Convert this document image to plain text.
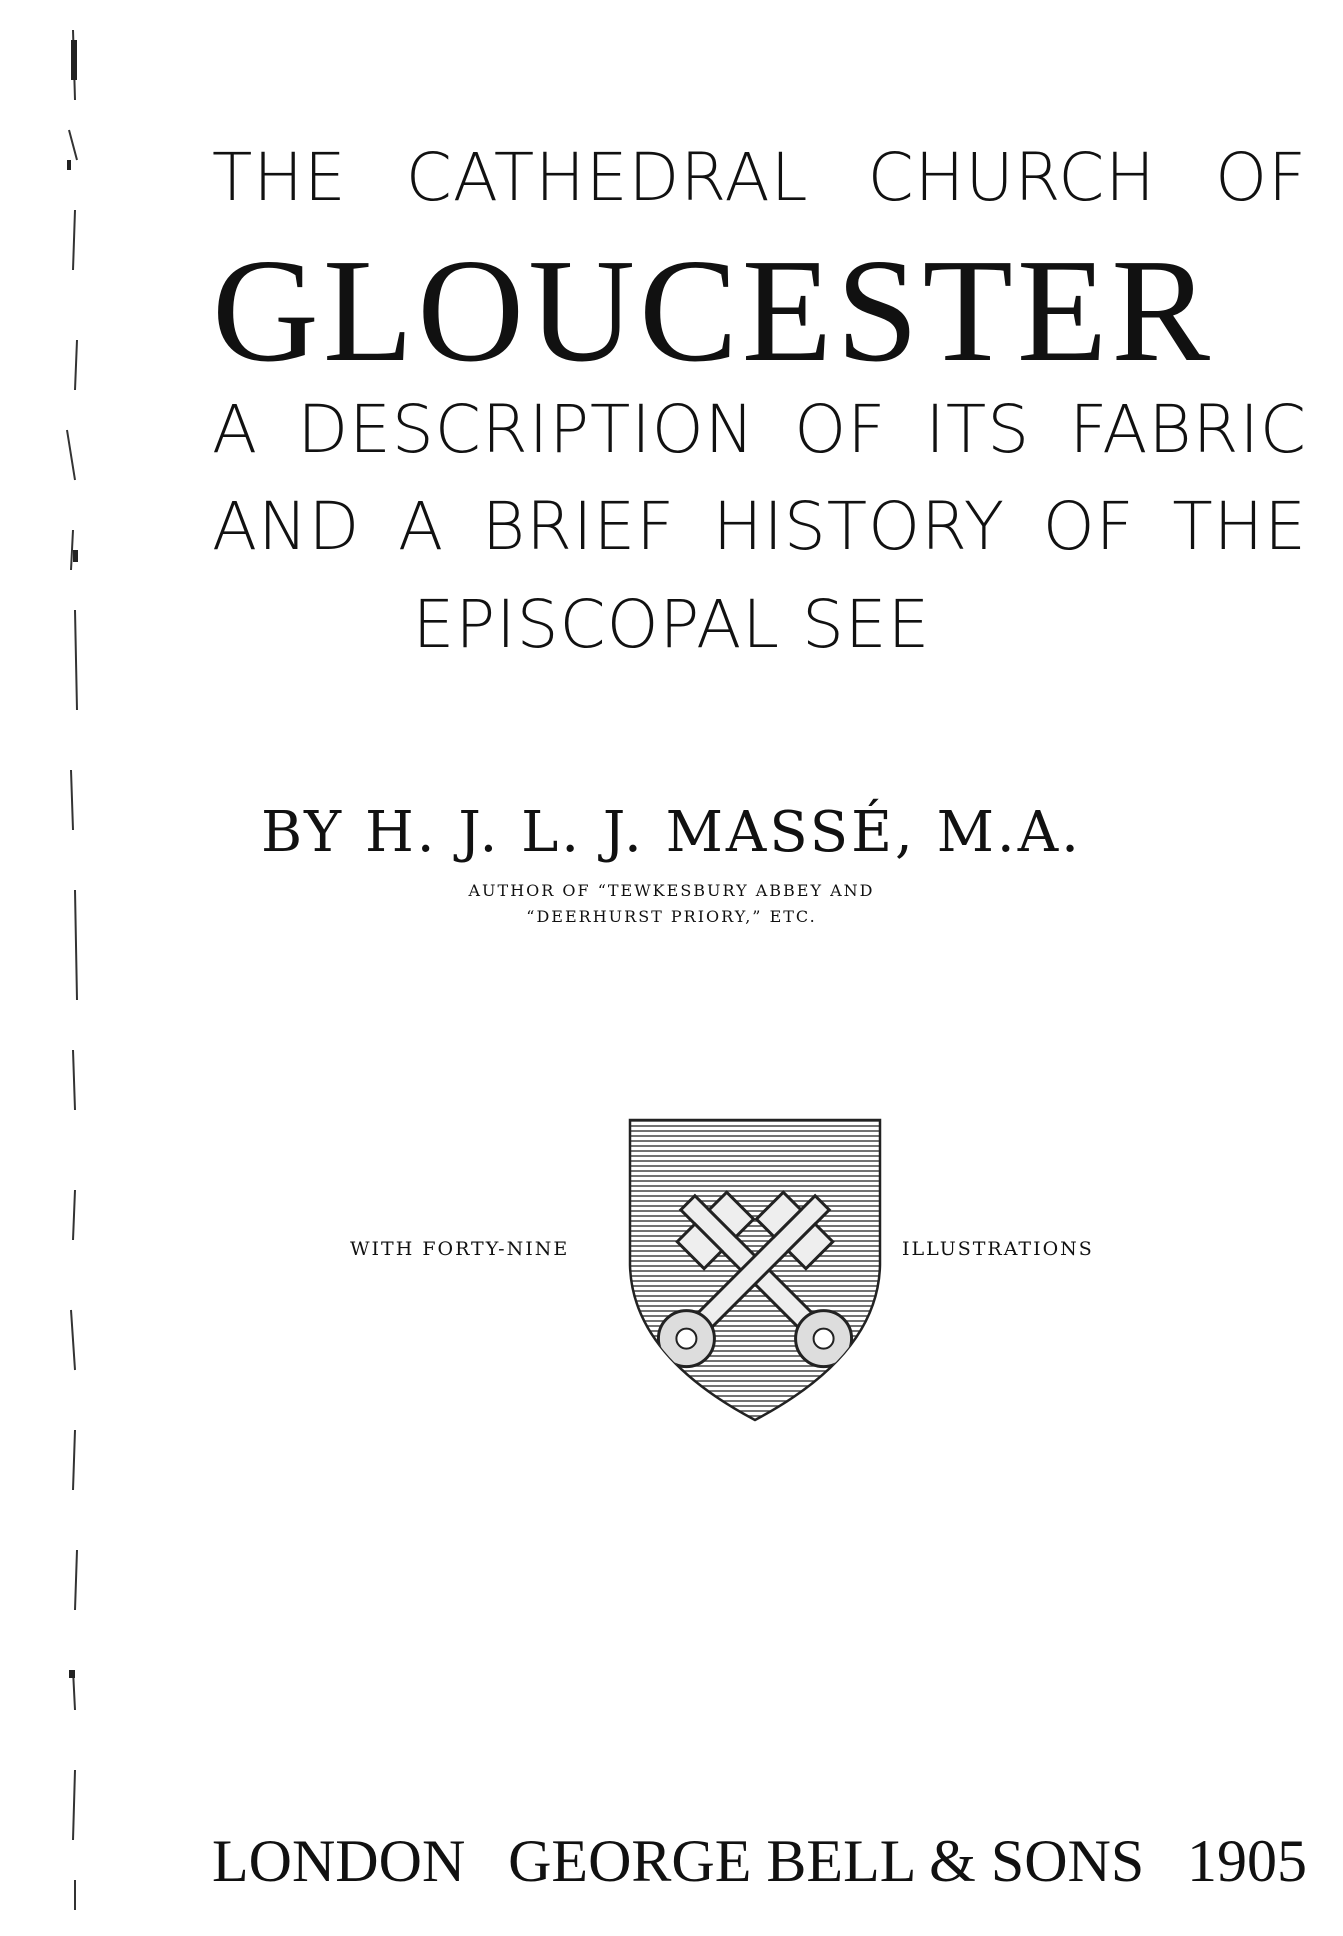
THE CATHEDRAL CHURCH OF
GLOUCESTER
A DESCRIPTION OF ITS FABRIC
AND A BRIEF HISTORY OF THE
EPISCOPAL SEE
BY H. J. L. J. MASSÉ, M.A.
AUTHOR OF “TEWKESBURY ABBEY AND
“DEERHURST PRIORY,” ETC.
WITH FORTY-NINE	ILLUSTRATIONS
LONDON GEORGE BELL & SONS 1905
